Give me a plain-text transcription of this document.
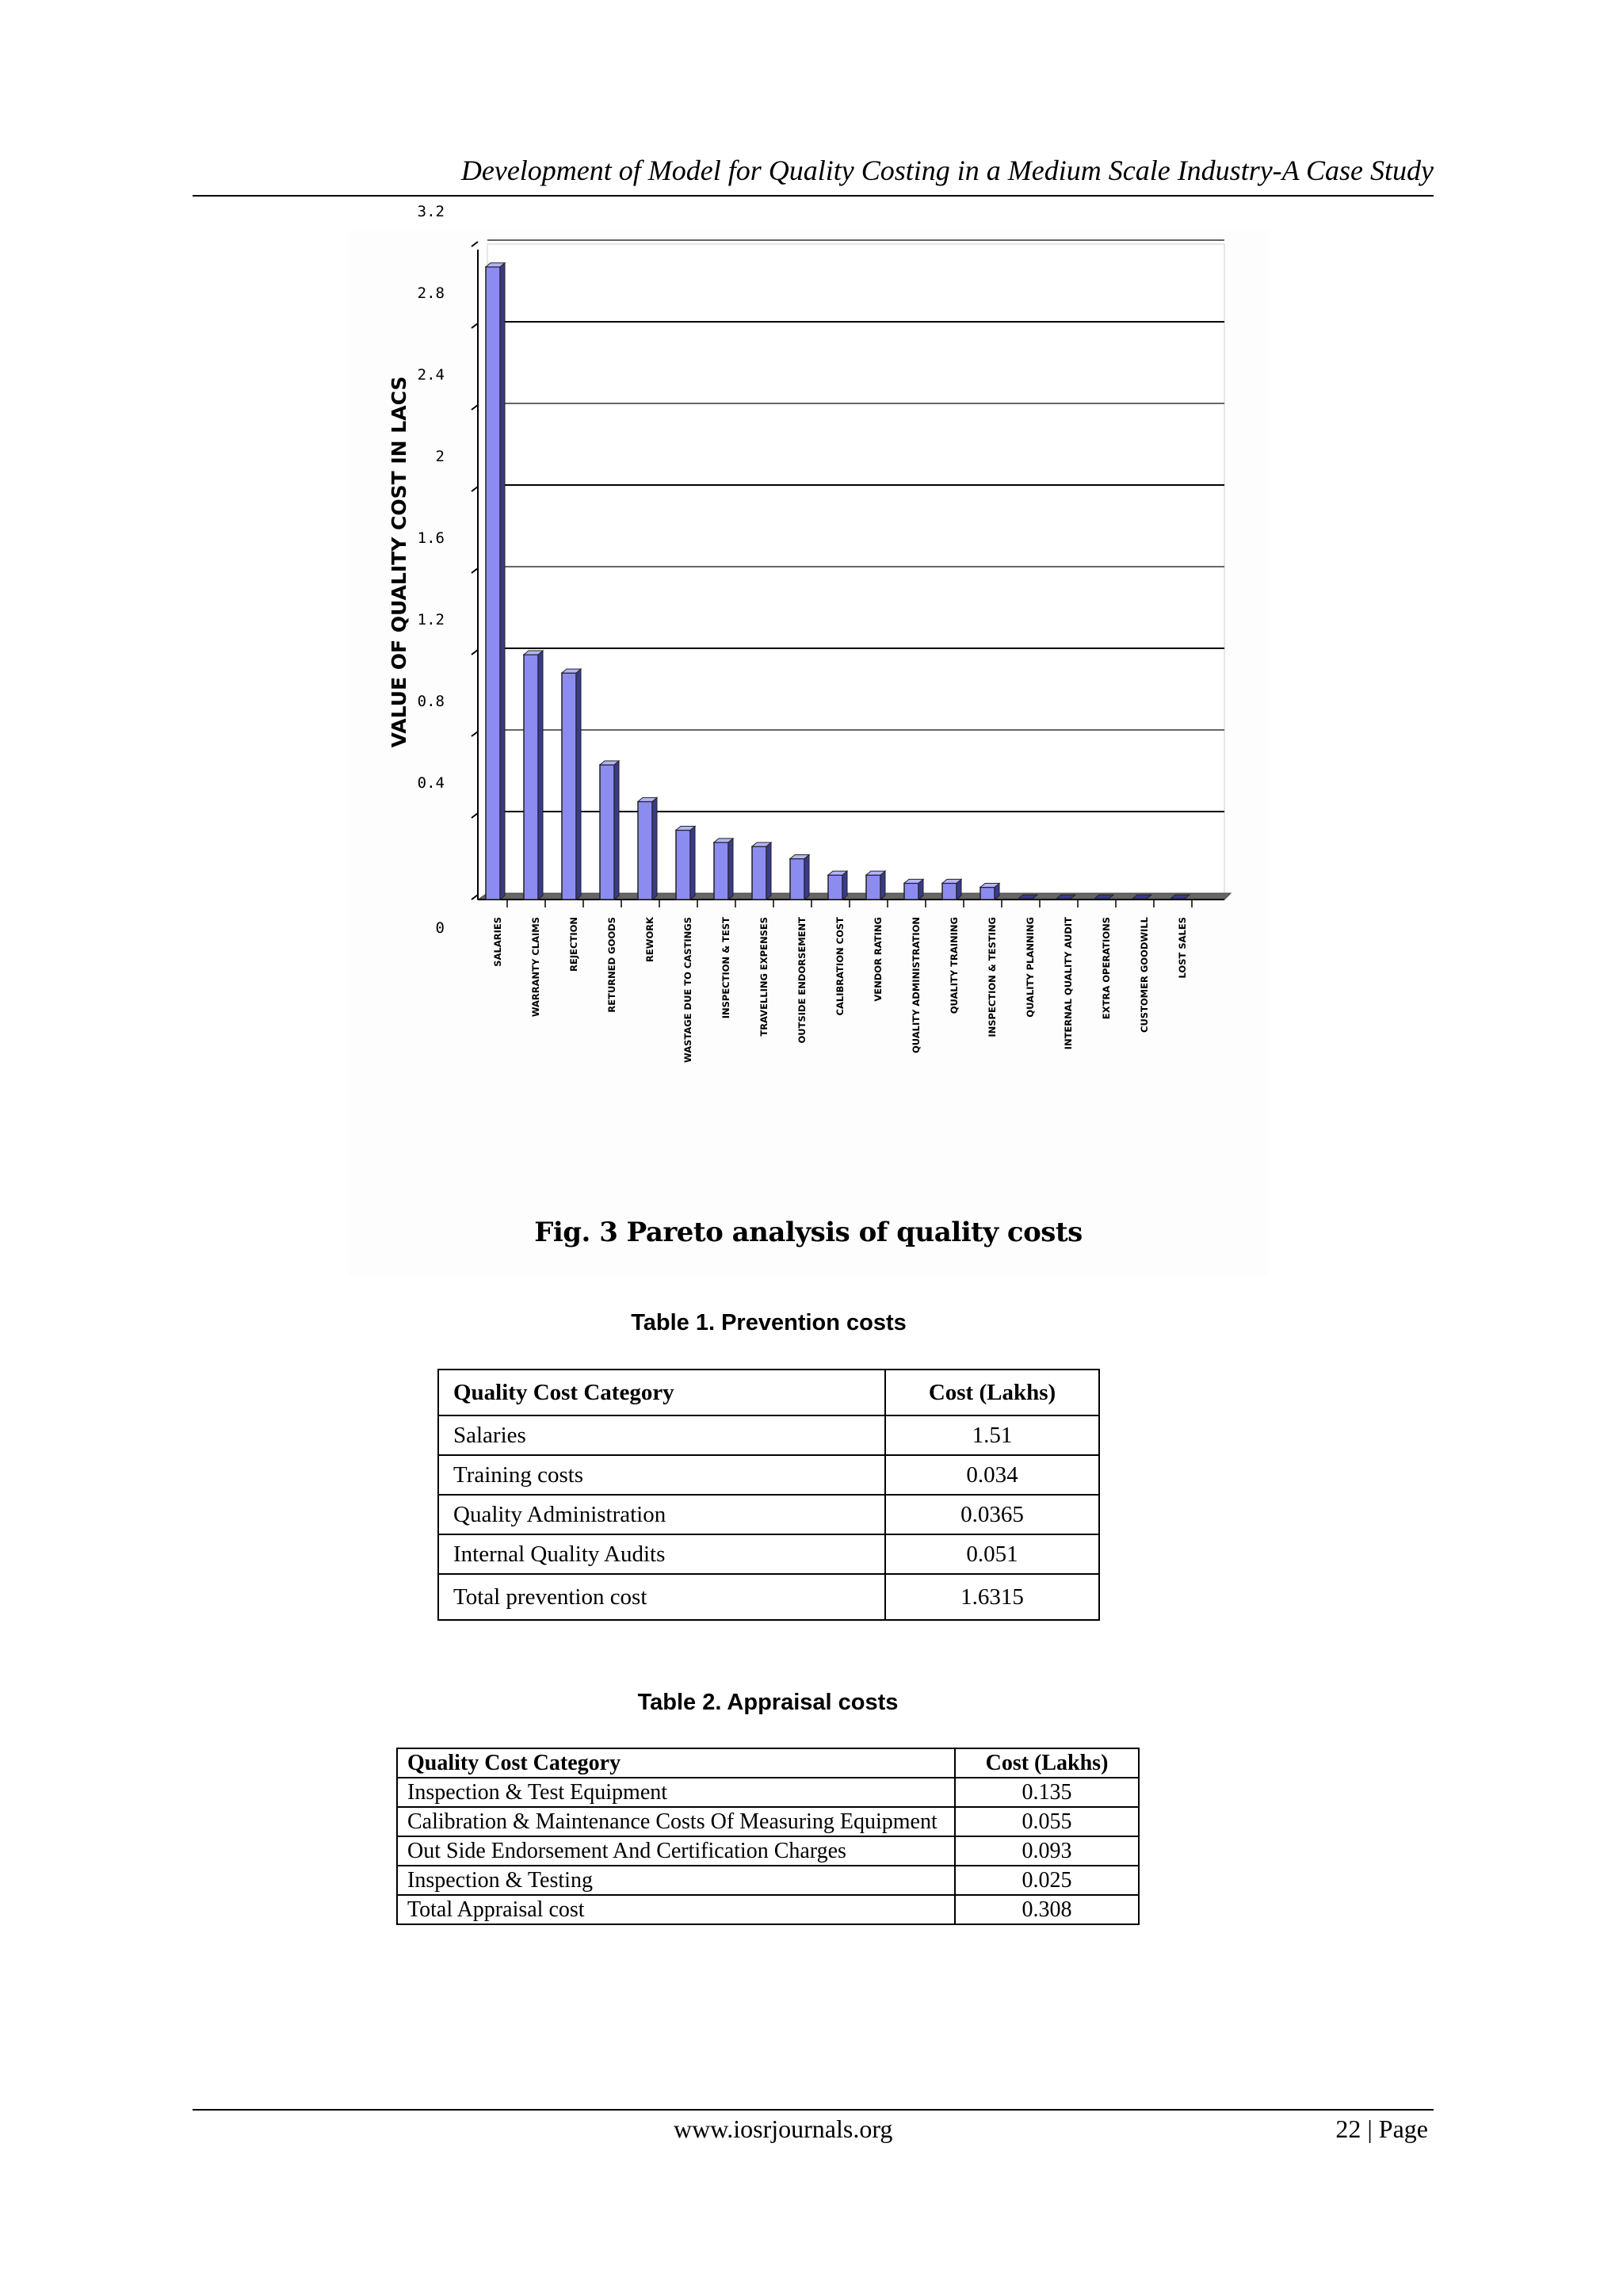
Development of Model for Quality Costing in a Medium Scale Industry-A Case Study
0
0.4
0.8
1.2
1.6
2
2.4
2.8
3.2
VALUE OF QUALITY COST IN LACS
SALARIES	WARRANTY CLAIMS	REJECTION	RETURNED GOODS	REWORK	WASTAGE DUE TO CASTINGS	INSPECTION & TEST	TRAVELLING EXPENSES	OUTSIDE ENDORSEMENT	CALIBRATION COST	VENDOR RATING	QUALITY ADMINISTRATION	QUALITY TRAINING	INSPECTION & TESTING	QUALITY PLANNING	INTERNAL QUALITY AUDIT	EXTRA OPERATIONS	CUSTOMER GOODWILL	LOST SALES
Fig. 3 Pareto analysis of quality costs
Table 1. Prevention costs
Quality Cost Category	Cost (Lakhs)
Salaries	1.51
Training costs	0.034
Quality Administration	0.0365
Internal Quality Audits	0.051
Total prevention cost	1.6315
Table 2. Appraisal costs
Quality Cost Category	Cost (Lakhs)
Inspection & Test Equipment	0.135
Calibration & Maintenance Costs Of Measuring Equipment	0.055
Out Side Endorsement And Certification Charges	0.093
Inspection & Testing	0.025
Total Appraisal cost	0.308
www.iosrjournals.org	22 | Page
